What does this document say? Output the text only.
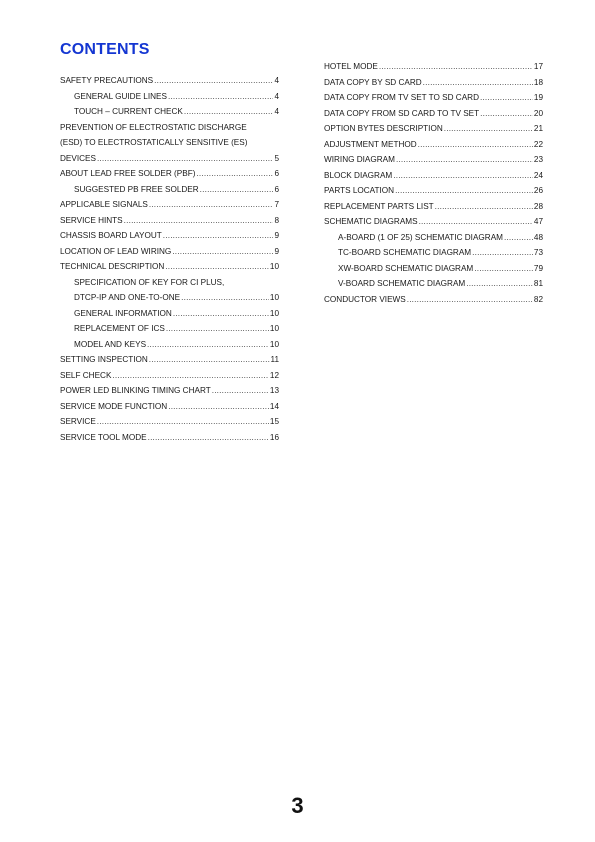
CONTENTS
SAFETY PRECAUTIONS .....	4
GENERAL GUIDE LINES .....	4
TOUCH – CURRENT CHECK .....	4
PREVENTION OF ELECTROSTATIC DISCHARGE
(ESD) TO ELECTROSTATICALLY SENSITIVE (ES)
DEVICES .....	5
ABOUT LEAD FREE SOLDER (PBF) .....	6
SUGGESTED PB FREE SOLDER .....	6
APPLICABLE SIGNALS .....	7
SERVICE HINTS .....	8
CHASSIS BOARD LAYOUT .....	9
LOCATION OF LEAD WIRING .....	9
TECHNICAL DESCRIPTION .....	10
SPECIFICATION OF KEY FOR CI PLUS,
DTCP-IP AND ONE-TO-ONE .....	10
GENERAL INFORMATION .....	10
REPLACEMENT OF ICS .....	10
MODEL AND KEYS .....	10
SETTING INSPECTION .....	11
SELF CHECK .....	12
POWER LED BLINKING TIMING CHART .....	13
SERVICE MODE FUNCTION .....	14
SERVICE .....	15
SERVICE TOOL MODE .....	16
HOTEL MODE .....	17
DATA COPY BY SD CARD .....	18
DATA COPY FROM TV SET TO SD CARD .....	19
DATA COPY FROM SD CARD TO TV SET .....	20
OPTION BYTES DESCRIPTION .....	21
ADJUSTMENT METHOD .....	22
WIRING DIAGRAM .....	23
BLOCK DIAGRAM .....	24
PARTS LOCATION .....	26
REPLACEMENT PARTS LIST .....	28
SCHEMATIC DIAGRAMS .....	47
A-BOARD (1 OF 25) SCHEMATIC DIAGRAM .....	48
TC-BOARD SCHEMATIC DIAGRAM .....	73
XW-BOARD SCHEMATIC DIAGRAM .....	79
V-BOARD SCHEMATIC DIAGRAM .....	81
CONDUCTOR VIEWS .....	82
3
